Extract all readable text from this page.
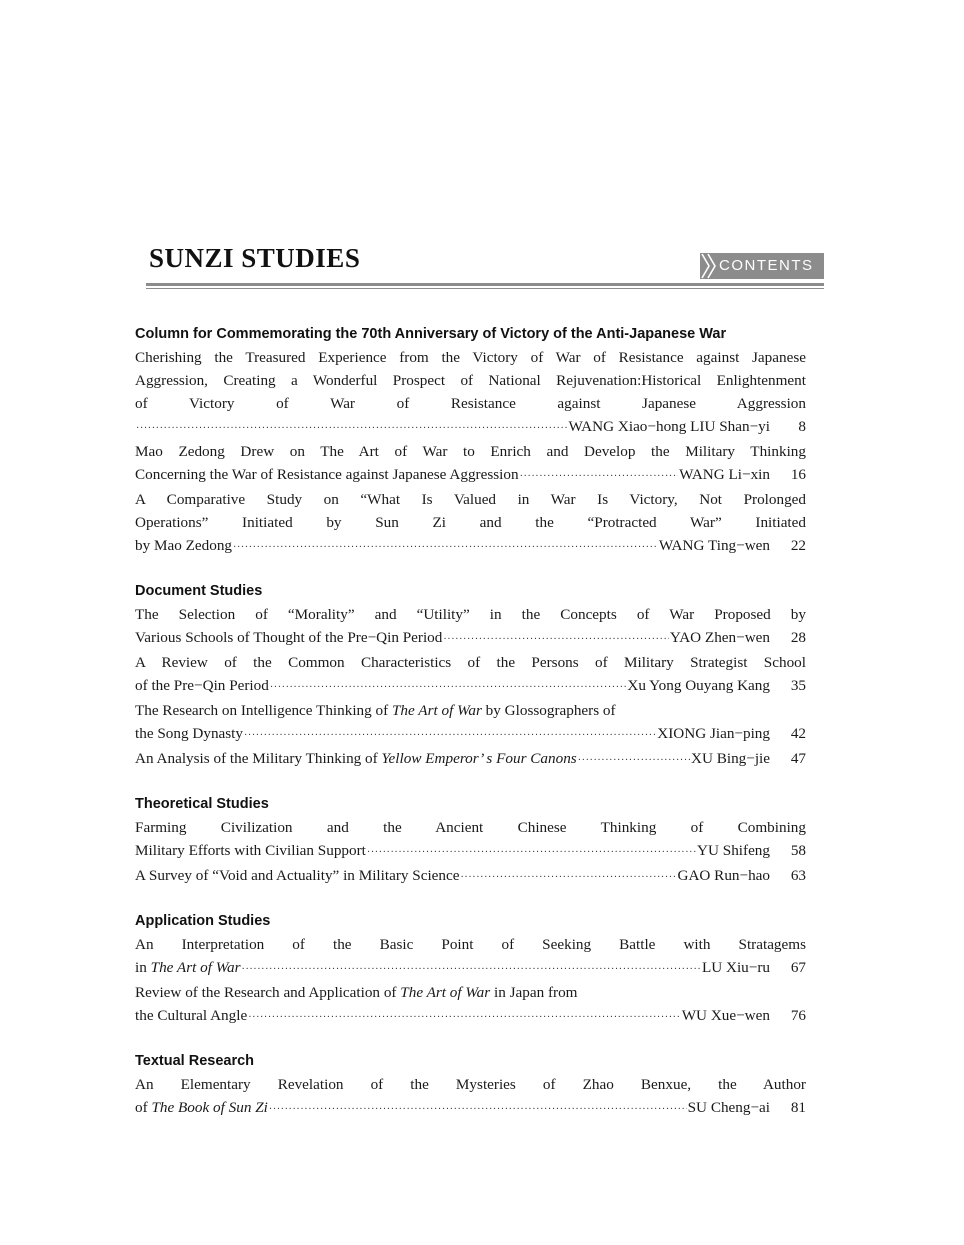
SUNZI STUDIES	CONTENTS
Column for Commemorating the 70th Anniversary of Victory of the Anti-Japanese War
Cherishing the Treasured Experience from the Victory of War of Resistance against Japanese
Aggression, Creating a Wonderful Prospect of National Rejuvenation:Historical Enlightenment
of Victory of War of Resistance against Japanese Aggression
·····
WANG Xiao−hong LIU Shan−yi	8
Mao Zedong Drew on The Art of War to Enrich and Develop the Military Thinking
Concerning the War of Resistance against Japanese Aggression ·····	WANG Li−xin	16
A Comparative Study on “What Is Valued in War Is Victory, Not Prolonged
Operations” Initiated by Sun Zi and the “Protracted War” Initiated
by Mao Zedong ·····	WANG Ting−wen	22
Document Studies
The Selection of “Morality” and “Utility” in the Concepts of War Proposed by
Various Schools of Thought of the Pre−Qin Period ·····	YAO Zhen−wen	28
A Review of the Common Characteristics of the Persons of Military Strategist School
of the Pre−Qin Period ·····	Xu Yong Ouyang Kang	35
The Research on Intelligence Thinking of The Art of War by Glossographers of
the Song Dynasty ·····	XIONG Jian−ping	42
An Analysis of the Military Thinking of Yellow Emperor’ s Four Canons ·····	XU Bing−jie	47
Theoretical Studies
Farming Civilization and the Ancient Chinese Thinking of Combining
Military Efforts with Civilian Support ·····	YU Shifeng	58
A Survey of “Void and Actuality” in Military Science ·····	GAO Run−hao	63
Application Studies
An Interpretation of the Basic Point of Seeking Battle with Stratagems
in The Art of War ·····	LU Xiu−ru	67
Review of the Research and Application of The Art of War in Japan from
the Cultural Angle ·····	WU Xue−wen	76
Textual Research
An Elementary Revelation of the Mysteries of Zhao Benxue, the Author
of The Book of Sun Zi ·····	SU Cheng−ai	81
